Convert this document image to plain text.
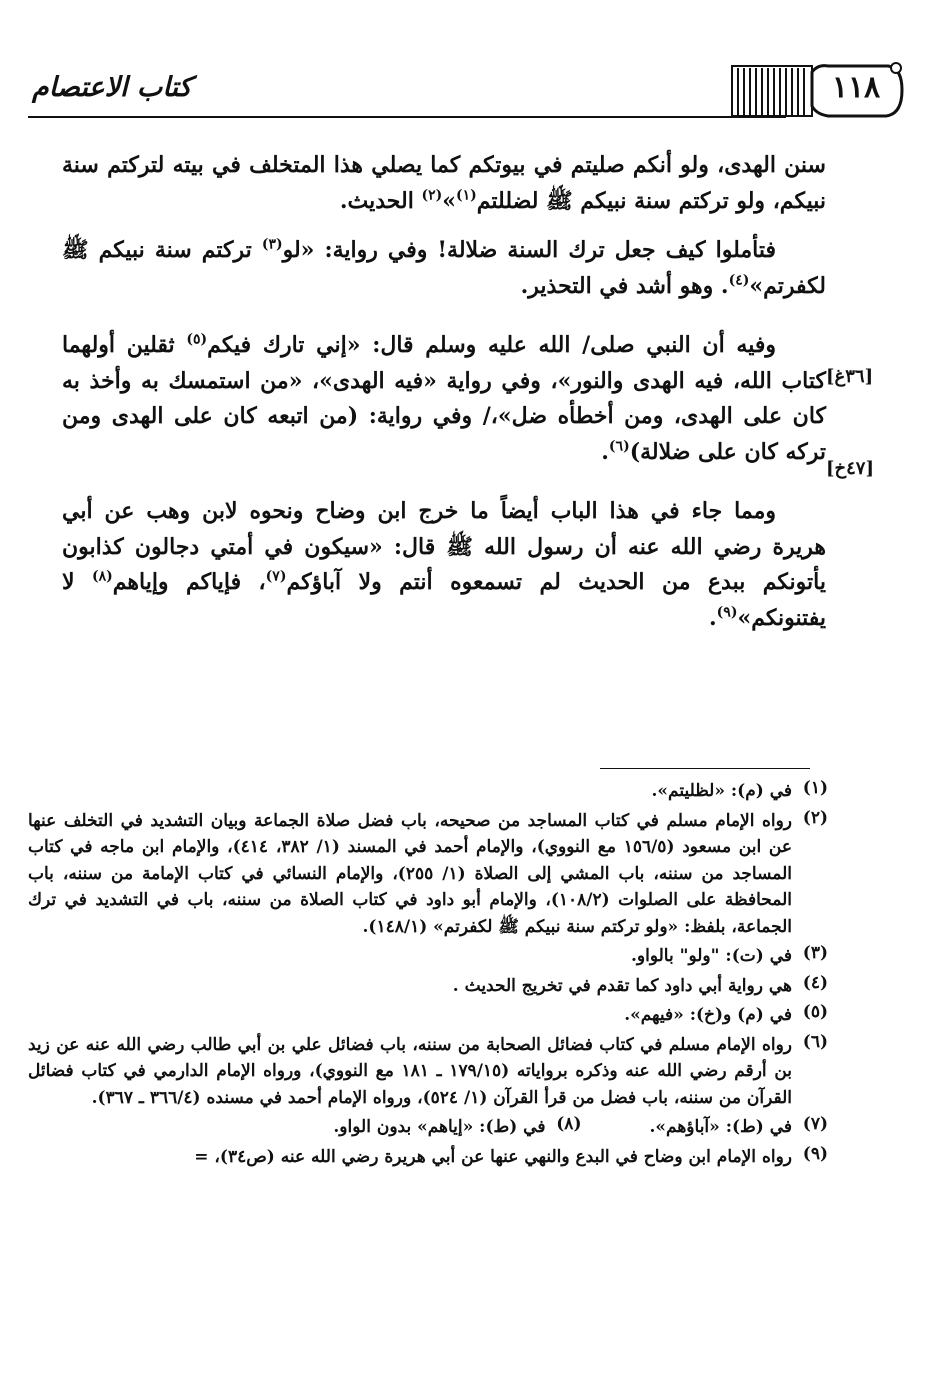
كتاب الاعتصام	١١٨
[٣٦غ]
[٤٧خ]

سنن الهدى، ولو أنكم صليتم في بيوتكم كما يصلي هذا المتخلف في بيته لتركتم سنة نبيكم، ولو تركتم سنة نبيكم ﷺ لضللتم$^{(١)}$»$^{(٢)}$ الحديث.

فتأملوا كيف جعل ترك السنة ضلالة! وفي رواية: «لو$^{(٣)}$ تركتم سنة نبيكم ﷺ لكفرتم»$^{(٤)}$. وهو أشد في التحذير.

وفيه أن النبي صلى/ الله عليه وسلم قال: «إني تارك فيكم$^{(٥)}$ ثقلين أولهما كتاب الله، فيه الهدى والنور»، وفي رواية «فيه الهدى»، «من استمسك به وأخذ به كان على الهدى، ومن أخطأه ضل»،/ وفي رواية: (من اتبعه كان على الهدى ومن تركه كان على ضلالة)$^{(٦)}$.

ومما جاء في هذا الباب أيضاً ما خرج ابن وضاح ونحوه لابن وهب عن أبي هريرة رضي الله عنه أن رسول الله ﷺ قال: «سيكون في أمتي دجالون كذابون يأتونكم ببدع من الحديث لم تسمعوه أنتم ولا آباؤكم$^{(٧)}$، فإياكم وإياهم$^{(٨)}$ لا يفتنونكم»$^{(٩)}$.

(١)

في (م): «لظليتم».

(٢)

رواه الإمام مسلم في كتاب المساجد من صحيحه، باب فضل صلاة الجماعة وبيان التشديد في التخلف عنها عن ابن مسعود (١٥٦/٥ مع النووي)، والإمام أحمد في المسند (١/ ٣٨٢، ٤١٤)، والإمام ابن ماجه في كتاب المساجد من سننه، باب المشي إلى الصلاة (١/ ٢٥٥)، والإمام النسائي في كتاب الإمامة من سننه، باب المحافظة على الصلوات (١٠٨/٢)، والإمام أبو داود في كتاب الصلاة من سننه، باب في التشديد في ترك الجماعة، بلفظ: «ولو تركتم سنة نبيكم ﷺ لكفرتم» (١٤٨/١).

(٣)

في (ت): "ولو" بالواو.

(٤)

هي رواية أبي داود كما تقدم في تخريج الحديث .

(٥)

في (م) و(خ): «فيهم».

(٦)

رواه الإمام مسلم في كتاب فضائل الصحابة من سننه، باب فضائل علي بن أبي طالب رضي الله عنه عن زيد بن أرقم رضي الله عنه وذكره برواياته (١٧٩/١٥ ـ ١٨١ مع النووي)، ورواه الإمام الدارمي في كتاب فضائل القرآن من سننه، باب فضل من قرأ القرآن (١/ ٥٢٤)، ورواه الإمام أحمد في مسنده (٣٦٦/٤ ـ ٣٦٧).

(٧)

في (ط): «آباؤهم».

(٨)

في (ط): «إياهم» بدون الواو.

(٩)

رواه الإمام ابن وضاح في البدع والنهي عنها عن أبي هريرة رضي الله عنه (ص٣٤)، =
